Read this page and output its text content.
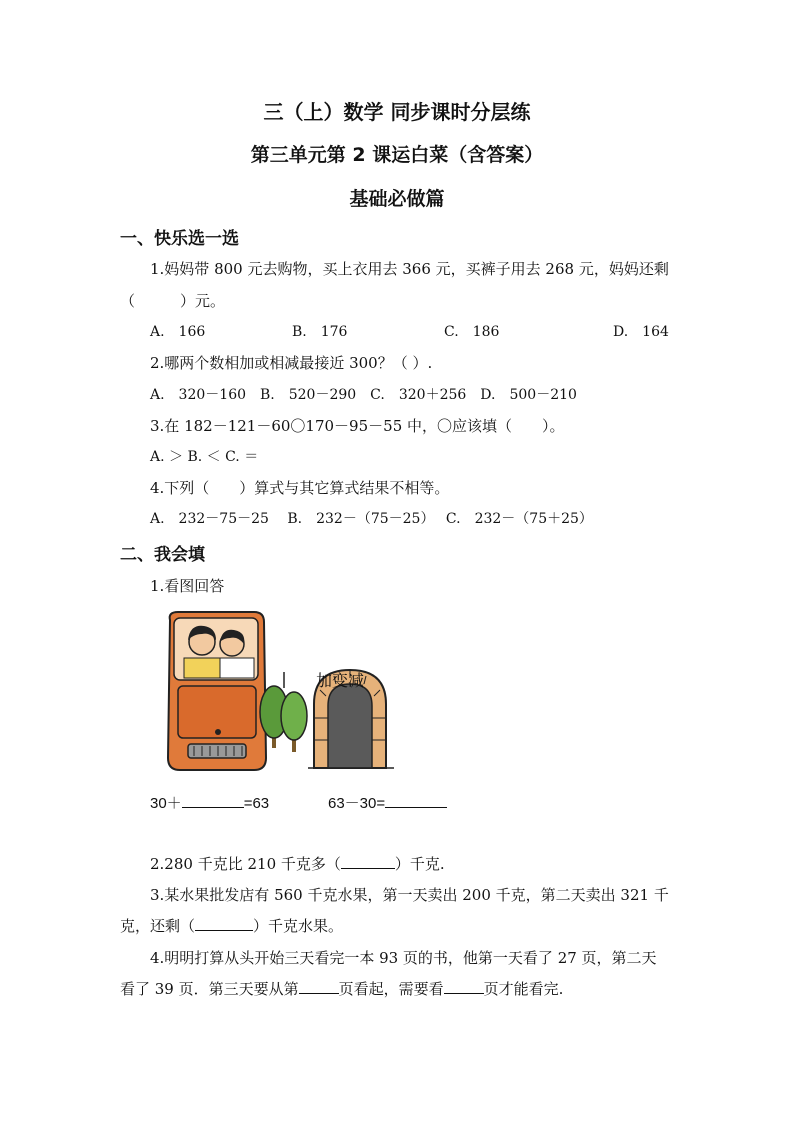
三（上）数学 同步课时分层练
第三单元第 2 课运白菜（含答案）
基础必做篇
一、快乐选一选
1.妈妈带 800 元去购物，买上衣用去 366 元，买裤子用去 268 元，妈妈还剩
（　　　）元。
A.　166	B.　176	C.　186	D.　164
2.哪两个数相加或相减最接近 300？（ ）.
A.　320－160　B.　520－290　C.　320＋256　D.　500－210
3.在 182－121－60〇170－95－55 中，〇应该填（　　）。
A. ＞ B. ＜ C. ＝
4.下列（　　）算式与其它算式结果不相等。
A.　232－75－25　 B.　232－（75－25）　 C.　232－（75＋25）
二、我会填
1.看图回答
加变减
30＋	=63	63－30=
2.280 千克比 210 千克多（	）千克.
3.某水果批发店有 560 千克水果，第一天卖出 200 千克，第二天卖出 321 千
克，还剩（	）千克水果。
4.明明打算从头开始三天看完一本 93 页的书，他第一天看了 27 页，第二天
看了 39 页．第三天要从第	页看起，需要看	页才能看完.
